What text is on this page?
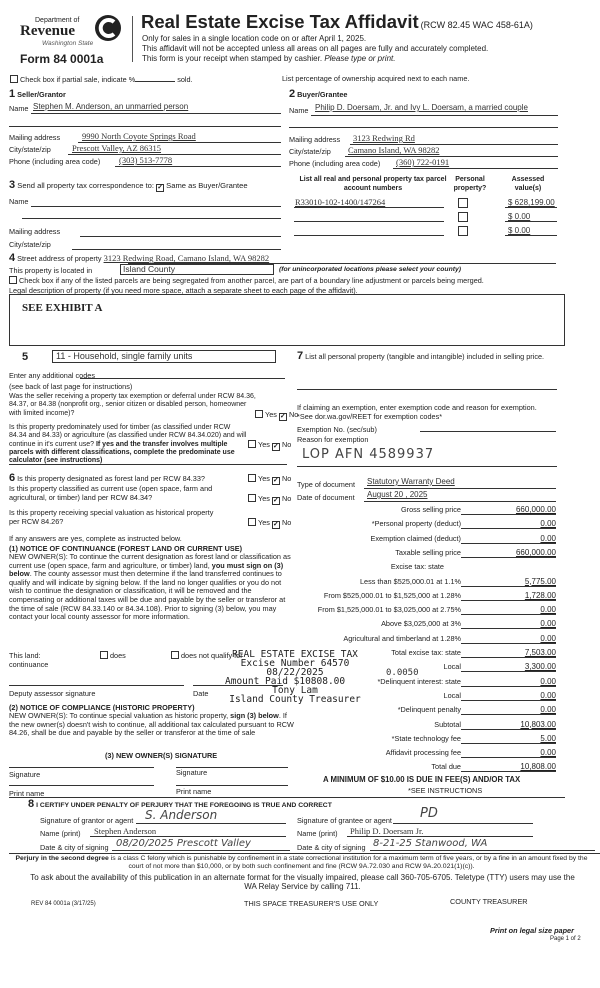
Department of
Revenue
Washington State
Form 84 0001a
Real Estate Excise Tax Affidavit (RCW 82.45 WAC 458-61A)
Only for sales in a single location code on or after April 1, 2025.
This affidavit will not be accepted unless all areas on all pages are fully and accurately completed.
This form is your receipt when stamped by cashier. Please type or print.
Check box if partial sale, indicate %	sold.	List percentage of ownership acquired next to each name.
1 Seller/Grantor
Name Stephen M. Anderson, an unmarried person
Mailing address	9990 North Coyote Springs Road
City/state/zip Prescott Valley, AZ 86315
Phone (including area code) (303) 513-7778
2 Buyer/Grantee
Name Philip D. Doersam, Jr. and Ivy L. Doersam, a married couple
Mailing address 3123 Redwing Rd
City/state/zip Camano Island, WA 98282
Phone (including area code) (360) 722-0191
3 Send all property tax correspondence to: ✓ Same as Buyer/Grantee
Name
Mailing address
City/state/zip
List all real and personal property tax parcel account numbers
Personal property?
Assessed value(s)
R33010-102-1400/147264	$ 628,199.00
$ 0.00
$ 0.00
4 Street address of property 3123 Redwing Road, Camano Island, WA 98282
This property is located in	Island County	(for unincorporated locations please select your county)
Check box if any of the listed parcels are being segregated from another parcel, are part of a boundary line adjustment or parcels being merged.
Legal description of property (if you need more space, attach a separate sheet to each page of the affidavit).
SEE EXHIBIT A
5	11 - Household, single family units
Enter any additional codes
(see back of last page for instructions)
Was the seller receiving a property tax exemption or deferral under RCW 84.36, 84.37, or 84.38 (nonprofit org., senior citizen or disabled person, homeowner with limited income)?	Yes ✓ No
Is this property predominately used for timber (as classified under RCW 84.34 and 84.33) or agriculture (as classified under RCW 84.34.020) and will continue in it's current use? If yes and the transfer involves multiple parcels with different classifications, complete the predominate use calculator (see instructions)
Yes ✓ No
6 Is this property designated as forest land per RCW 84.33?	Yes ✓ No
Is this property classified as current use (open space, farm and agricultural, or timber) land per RCW 84.34?	Yes ✓ No
Is this property receiving special valuation as historical property per RCW 84.26?	Yes ✓ No
If any answers are yes, complete as instructed below.
(1) NOTICE OF CONTINUANCE (FOREST LAND OR CURRENT USE)
NEW OWNER(S): To continue the current designation as forest land or classification as current use (open space, farm and agriculture, or timber) land, you must sign on (3) below. The county assessor must then determine if the land transferred continues to qualify and will indicate by signing below. If the land no longer qualifies or you do not wish to continue the designation or classification, it will be removed and the compensating or additional taxes will be due and payable by the seller or transferor at the time of sale (RCW 84.33.140 or 84.34.108). Prior to signing (3) below, you may contact your local county assessor for more information.
This land:
continuance
does	does not qualify for
Deputy assessor signature	Date
(2) NOTICE OF COMPLIANCE (HISTORIC PROPERTY)
NEW OWNER(S): To continue special valuation as historic property, sign (3) below. If the new owner(s) doesn't wish to continue, all additional tax calculated pursuant to RCW 84.26, shall be due and payable by the seller or transferor at the time of sale
(3) NEW OWNER(S) SIGNATURE
Signature	Signature
Print name	Print name
7 List all personal property (tangible and intangible) included in selling price.
If claiming an exemption, enter exemption code and reason for exemption. *See dor.wa.gov/REET for exemption codes*
Exemption No. (sec/sub)
Reason for exemption
LOP AFN 4589937
Type of document Statutory Warranty Deed
Date of document August 20 , 2025
Gross selling price	660,000.00
*Personal property (deduct)	0.00
Exemption claimed (deduct)	0.00
Taxable selling price	660,000.00
Excise tax: state
Less than $525,000.01 at 1.1%	5,775.00
From $525,000.01 to $1,525,000 at 1.28%	1,728.00
From $1,525,000.01 to $3,025,000 at 2.75%	0.00
Above $3,025,000 at 3%	0.00
Agricultural and timberland at 1.28%	0.00
Total excise tax: state	7,503.00
Local	3,300.00
*Delinquent interest: state	0.00
Local	0.00
*Delinquent penalty	0.00
Subtotal	10,803.00
*State technology fee	5.00
Affidavit processing fee	0.00
Total due	10,808.00
0.0050
REAL ESTATE EXCISE TAX
Excise Number 64570
08/22/2025
Amount Paid $10808.00
Tony Lam
Island County Treasurer
A MINIMUM OF $10.00 IS DUE IN FEE(S) AND/OR TAX
*SEE INSTRUCTIONS
8 I CERTIFY UNDER PENALTY OF PERJURY THAT THE FOREGOING IS TRUE AND CORRECT
Signature of grantor or agent S. Anderson
Name (print) Stephen Anderson
Date & city of signing 08/20/2025 Prescott Valley
Signature of grantee or agent PD
Name (print) Philip D. Doersam Jr.
Date & city of signing 8-21-25 Stanwood, WA
Perjury in the second degree is a class C felony which is punishable by confinement in a state correctional institution for a maximum term of five years, or by a fine in an amount fixed by the court of not more than $10,000, or by both such confinement and fine (RCW 9A.72.030 and RCW 9A.20.021(1)(c)).
To ask about the availability of this publication in an alternate format for the visually impaired, please call 360-705-6705. Teletype (TTY) users may use the WA Relay Service by calling 711.
REV 84 0001a (3/17/25)	THIS SPACE TREASURER'S USE ONLY	COUNTY TREASURER
Print on legal size paper
Page 1 of 2
